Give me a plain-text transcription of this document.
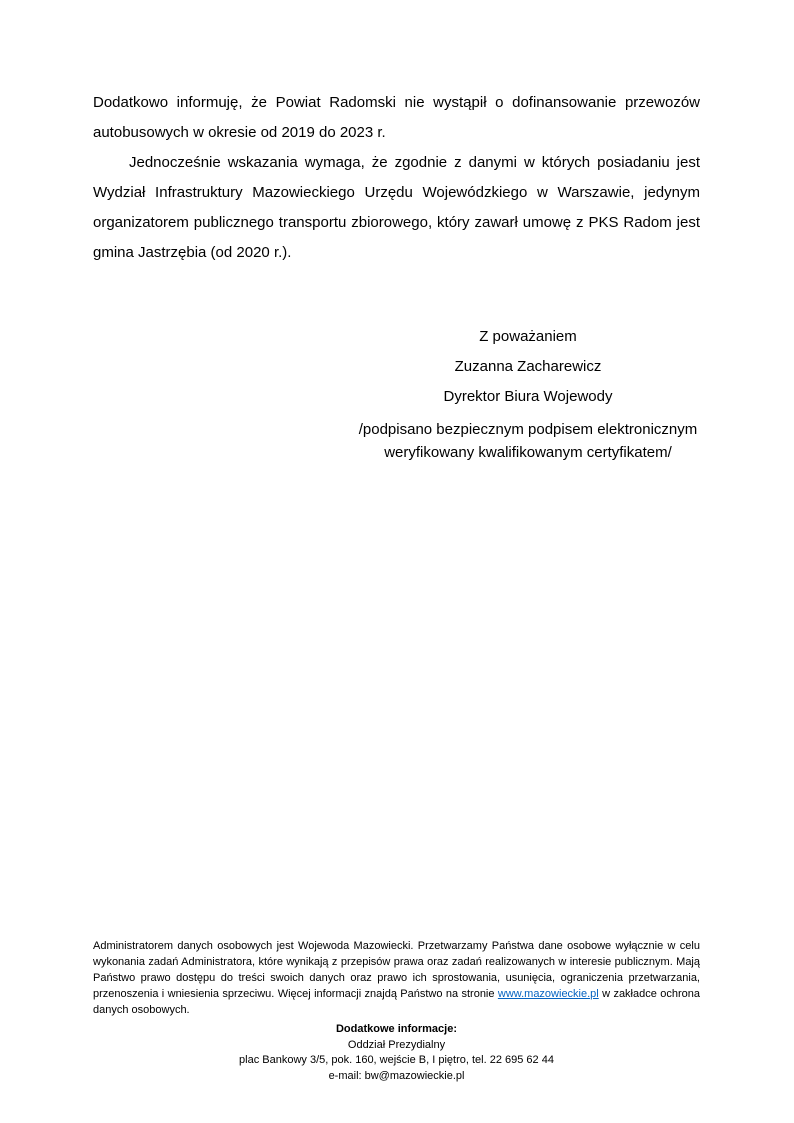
Dodatkowo informuję, że Powiat Radomski nie wystąpił o dofinansowanie przewozów autobusowych w okresie od 2019 do 2023 r.

Jednocześnie wskazania wymaga, że zgodnie z danymi w których posiadaniu jest Wydział Infrastruktury Mazowieckiego Urzędu Wojewódzkiego w Warszawie, jedynym organizatorem publicznego transportu zbiorowego, który zawarł umowę z PKS Radom jest gmina Jastrzębia (od 2020 r.).

Z poważaniem
Zuzanna Zacharewicz
Dyrektor Biura Wojewody
/podpisano bezpiecznym podpisem elektronicznym
weryfikowany kwalifikowanym certyfikatem/

Administratorem danych osobowych jest Wojewoda Mazowiecki. Przetwarzamy Państwa dane osobowe wyłącznie w celu wykonania zadań Administratora, które wynikają z przepisów prawa oraz zadań realizowanych w interesie publicznym. Mają Państwo prawo dostępu do treści swoich danych oraz prawo ich sprostowania, usunięcia, ograniczenia przetwarzania, przenoszenia i wniesienia sprzeciwu. Więcej informacji znajdą Państwo na stronie www.mazowieckie.pl w zakładce ochrona danych osobowych.

Dodatkowe informacje:
Oddział Prezydialny
plac Bankowy 3/5, pok. 160, wejście B, I piętro, tel. 22 695 62 44
e-mail: bw@mazowieckie.pl
